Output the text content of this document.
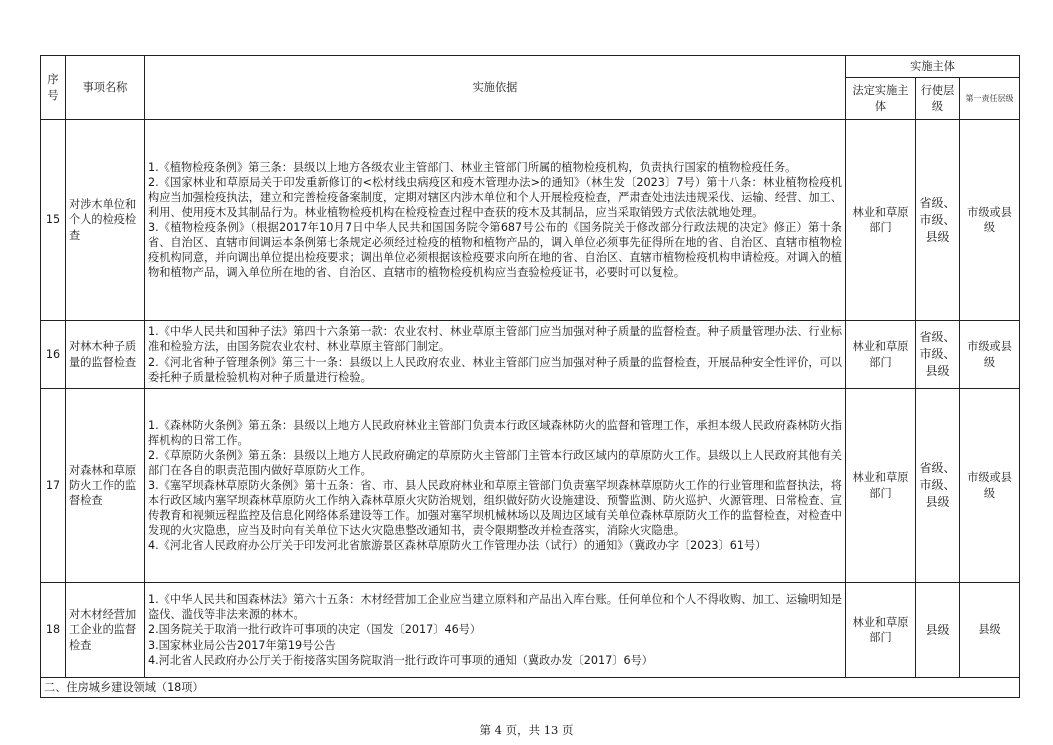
序号	事项名称	实施依据	实施主体		
			法定实施主体	行使层级	第一责任层级
15	对涉木单位和个人的检疫检查	1.《植物检疫条例》第三条：县级以上地方各级农业主管部门、林业主管部门所属的植物检疫机构，负责执行国家的植物检疫任务。
2.《国家林业和草原局关于印发重新修订的<松材线虫病疫区和疫木管理办法>的通知》（林生发〔2023〕7号）第十八条：林业植物检疫机构应当加强检疫执法，建立和完善检疫备案制度，定期对辖区内涉木单位和个人开展检疫检查，严肃查处违法违规采伐、运输、经营、加工、利用、使用疫木及其制品行为。林业植物检疫机构在检疫检查过程中查获的疫木及其制品，应当采取销毁方式依法就地处理。
3.《植物检疫条例》（根据2017年10月7日中华人民共和国国务院令第687号公布的《国务院关于修改部分行政法规的决定》修正）第十条 省、自治区、直辖市间调运本条例第七条规定必须经过检疫的植物和植物产品的，调入单位必须事先征得所在地的省、自治区、直辖市植物检疫机构同意，并向调出单位提出检疫要求；调出单位必须根据该检疫要求向所在地的省、自治区、直辖市植物检疫机构申请检疫。对调入的植物和植物产品，调入单位所在地的省、自治区、直辖市的植物检疫机构应当查验检疫证书，必要时可以复检。	林业和草原部门	省级、市级、县级	市级或县级
16	对林木种子质量的监督检查	1.《中华人民共和国种子法》第四十六条第一款：农业农村、林业草原主管部门应当加强对种子质量的监督检查。种子质量管理办法、行业标准和检验方法，由国务院农业农村、林业草原主管部门制定。
2.《河北省种子管理条例》第三十一条：县级以上人民政府农业、林业主管部门应当加强对种子质量的监督检查，开展品种安全性评价，可以委托种子质量检验机构对种子质量进行检验。	林业和草原部门	省级、市级、县级	市级或县级
17	对森林和草原防火工作的监督检查	1.《森林防火条例》第五条：县级以上地方人民政府林业主管部门负责本行政区域森林防火的监督和管理工作，承担本级人民政府森林防火指挥机构的日常工作。
2.《草原防火条例》第五条：县级以上地方人民政府确定的草原防火主管部门主管本行政区域内的草原防火工作。县级以上人民政府其他有关部门在各自的职责范围内做好草原防火工作。
3.《塞罕坝森林草原防火条例》第十五条：省、市、县人民政府林业和草原主管部门负责塞罕坝森林草原防火工作的行业管理和监督执法，将本行政区域内塞罕坝森林草原防火工作纳入森林草原火灾防治规划，组织做好防火设施建设、预警监测、防火巡护、火源管理、日常检查、宣传教育和视频远程监控及信息化网络体系建设等工作。加强对塞罕坝机械林场以及周边区域有关单位森林草原防火工作的监督检查，对检查中发现的火灾隐患，应当及时向有关单位下达火灾隐患整改通知书，责令限期整改并检查落实，消除火灾隐患。
4.《河北省人民政府办公厅关于印发河北省旅游景区森林草原防火工作管理办法（试行）的通知》（冀政办字〔2023〕61号）	林业和草原部门	省级、市级、县级	市级或县级
18	对木材经营加工企业的监督检查	1.《中华人民共和国森林法》第六十五条：木材经营加工企业应当建立原料和产品出入库台账。任何单位和个人不得收购、加工、运输明知是盗伐、滥伐等非法来源的林木。
2.国务院关于取消一批行政许可事项的决定（国发〔2017〕46号）
3.国家林业局公告2017年第19号公告
4.河北省人民政府办公厅关于衔接落实国务院取消一批行政许可事项的通知（冀政办发〔2017〕6号）	林业和草原部门	县级	县级
二、住房城乡建设领域（18项）					
第 4 页，共 13 页
